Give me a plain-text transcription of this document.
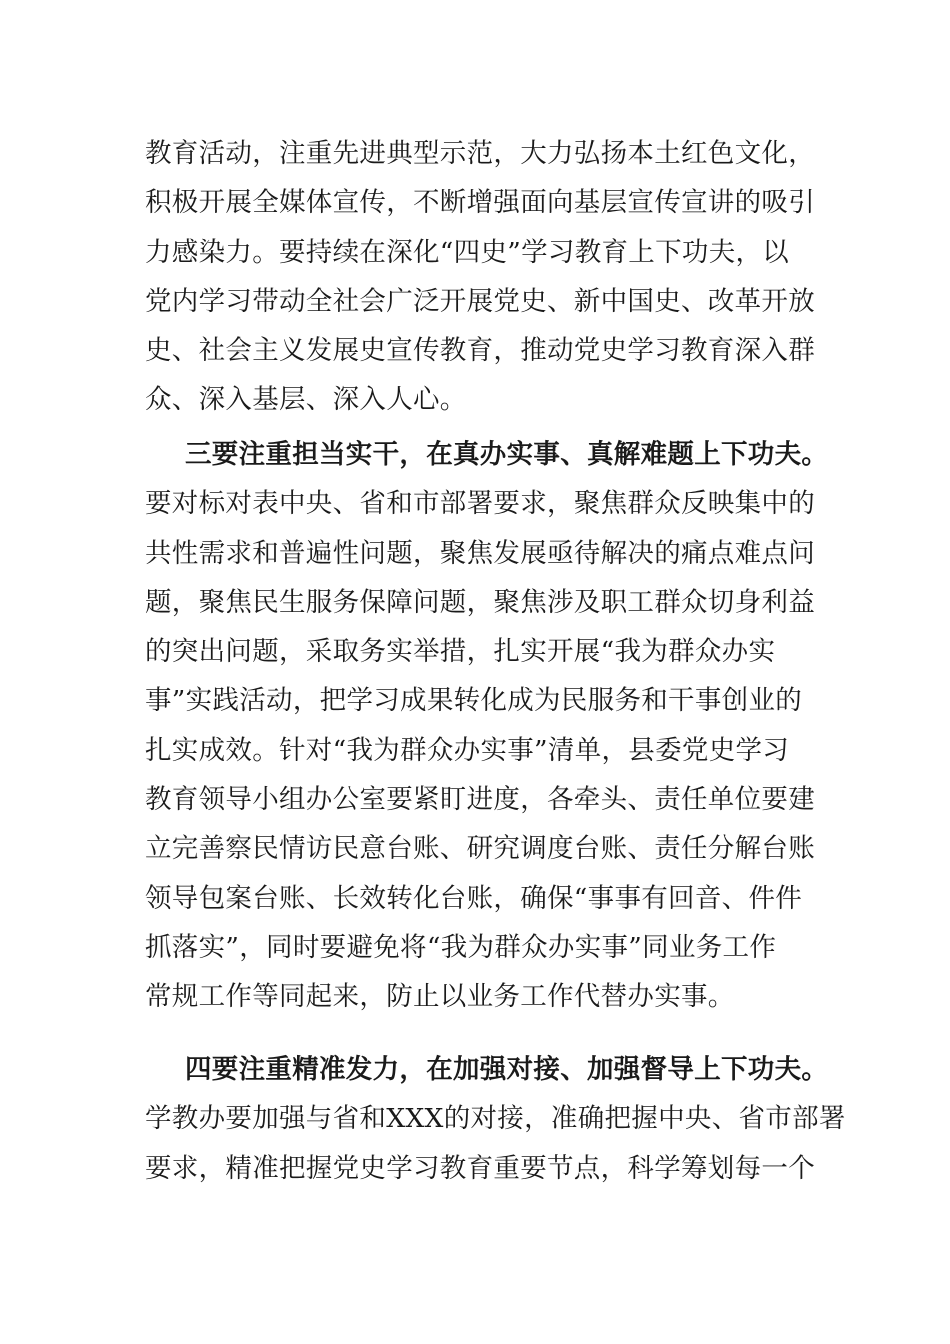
教育活动，注重先进典型示范，大力弘扬本土红色文化，
积极开展全媒体宣传，不断增强面向基层宣传宣讲的吸引
力感染力。要持续在深化“四史”学习教育上下功夫，以
党内学习带动全社会广泛开展党史、新中国史、改革开放
史、社会主义发展史宣传教育，推动党史学习教育深入群
众、深入基层、深入人心。
三要注重担当实干，在真办实事、真解难题上下功夫。
要对标对表中央、省和市部署要求，聚焦群众反映集中的
共性需求和普遍性问题，聚焦发展亟待解决的痛点难点问
题，聚焦民生服务保障问题，聚焦涉及职工群众切身利益
的突出问题，采取务实举措，扎实开展“我为群众办实
事”实践活动，把学习成果转化成为民服务和干事创业的
扎实成效。针对“我为群众办实事”清单，县委党史学习
教育领导小组办公室要紧盯进度，各牵头、责任单位要建
立完善察民情访民意台账、研究调度台账、责任分解台账
领导包案台账、长效转化台账，确保“事事有回音、件件
抓落实”，同时要避免将“我为群众办实事”同业务工作
常规工作等同起来，防止以业务工作代替办实事。
四要注重精准发力，在加强对接、加强督导上下功夫。
学教办要加强与省和XXX的对接，准确把握中央、省市部署
要求，精准把握党史学习教育重要节点，科学筹划每一个
